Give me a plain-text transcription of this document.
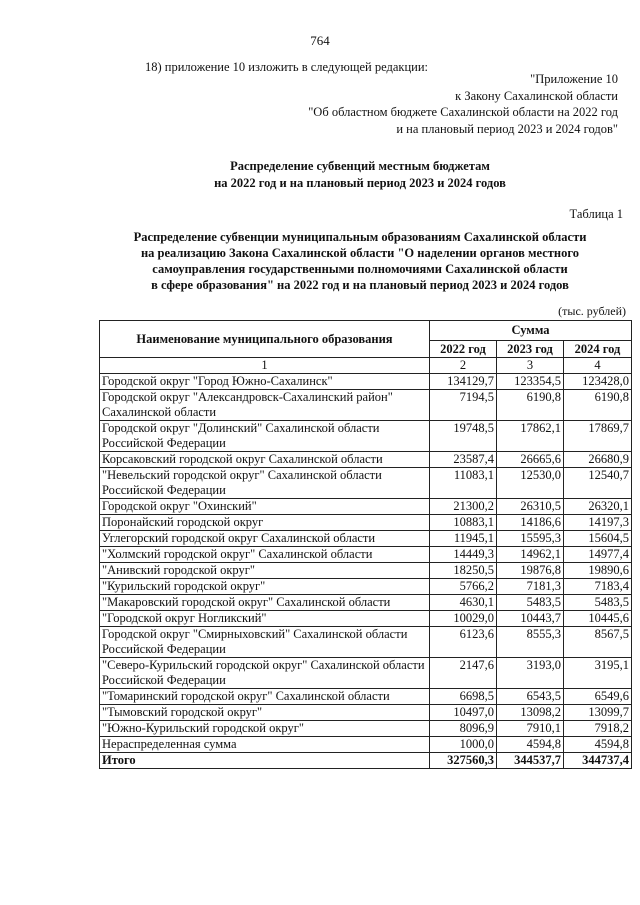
764
18) приложение 10 изложить в следующей редакции:
"Приложение 10
к Закону Сахалинской области
"Об областном бюджете Сахалинской области на 2022 год
и на плановый период 2023 и 2024 годов"
Распределение субвенций местным бюджетам
на 2022 год и на плановый период 2023 и 2024 годов
Таблица 1
Распределение субвенции муниципальным образованиям Сахалинской области
на реализацию Закона Сахалинской области "О наделении органов местного
самоуправления государственными полномочиями Сахалинской области
в сфере образования" на 2022 год и на плановый период 2023 и 2024 годов
(тыс. рублей)
Наименование муниципального образования	Сумма		
	2022 год	2023 год	2024 год
1	2	3	4
Городской округ "Город Южно-Сахалинск"	134129,7	123354,5	123428,0
Городской округ "Александровск-Сахалинский район" Сахалинской области	7194,5	6190,8	6190,8
Городской округ "Долинский" Сахалинской области Российской Федерации	19748,5	17862,1	17869,7
Корсаковский городской округ Сахалинской области	23587,4	26665,6	26680,9
"Невельский городской округ" Сахалинской области Российской Федерации	11083,1	12530,0	12540,7
Городской округ "Охинский"	21300,2	26310,5	26320,1
Поронайский городской округ	10883,1	14186,6	14197,3
Углегорский городской округ Сахалинской области	11945,1	15595,3	15604,5
"Холмский городской округ" Сахалинской области	14449,3	14962,1	14977,4
"Анивский городской округ"	18250,5	19876,8	19890,6
"Курильский городской округ"	5766,2	7181,3	7183,4
"Макаровский городской округ" Сахалинской области	4630,1	5483,5	5483,5
"Городской округ Ногликский"	10029,0	10443,7	10445,6
Городской округ "Смирныховский" Сахалинской области Российской Федерации	6123,6	8555,3	8567,5
"Северо-Курильский городской округ" Сахалинской области Российской Федерации	2147,6	3193,0	3195,1
"Томаринский городской округ" Сахалинской области	6698,5	6543,5	6549,6
"Тымовский городской округ"	10497,0	13098,2	13099,7
"Южно-Курильский городской округ"	8096,9	7910,1	7918,2
Нераспределенная сумма	1000,0	4594,8	4594,8
Итого	327560,3	344537,7	344737,4
